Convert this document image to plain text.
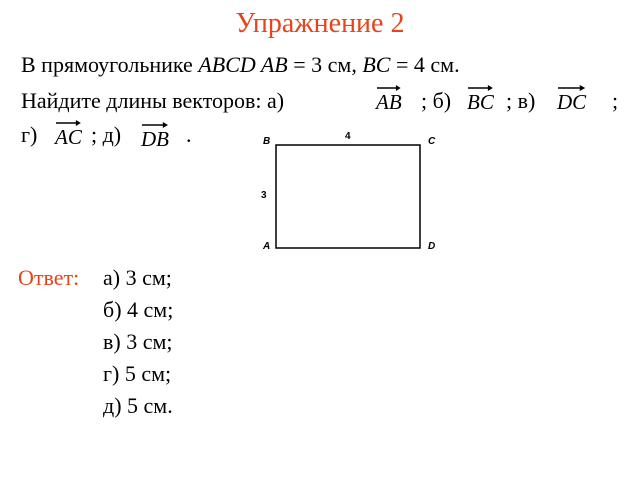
Упражнение 2
В прямоугольнике ABCD AB = 3 см, BC = 4 см.
Найдите длины векторов: а)	; б) ; в)	;
г) ; д)	.
AB	BC	DC
AC	DB	B	C
A	D
4
3
Ответ: а) 3 см;
б) 4 см;
в) 3 см;
г) 5 см;
д) 5 см.
